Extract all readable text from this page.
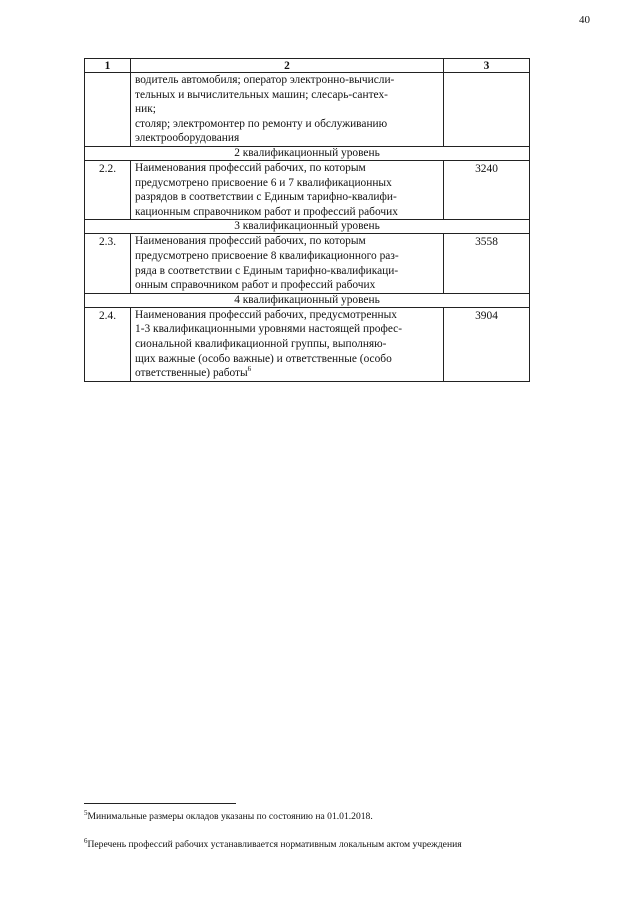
40
1	2	3

	водитель автомобиля; оператор электронно-вычисли-
тельных и вычислительных машин; слесарь-сантех-
ник;
столяр; электромонтер по ремонту и обслуживанию
электрооборудования	

2 квалификационный уровень		
2.2.	Наименования профессий рабочих, по которым
предусмотрено присвоение 6 и 7 квалификационных
разрядов в соответствии с Единым тарифно-квалифи-
кационным справочником работ и профессий рабочих	3240
3 квалификационный уровень		
2.3.	Наименования профессий рабочих, по которым
предусмотрено присвоение 8 квалификационного раз-
ряда в соответствии с Единым тарифно-квалификаци-
онным справочником работ и профессий рабочих	3558
4 квалификационный уровень		
2.4.	Наименования профессий рабочих, предусмотренных
1-3 квалификационными уровнями настоящей профес-
сиональной квалификационной группы, выполняю-
щих важные (особо важные) и ответственные (особо
ответственные) работы$^6$	3904
$^5$Минимальные размеры окладов указаны по состоянию на 01.01.2018.
$^6$Перечень профессий рабочих устанавливается нормативным локальным актом учреждения
